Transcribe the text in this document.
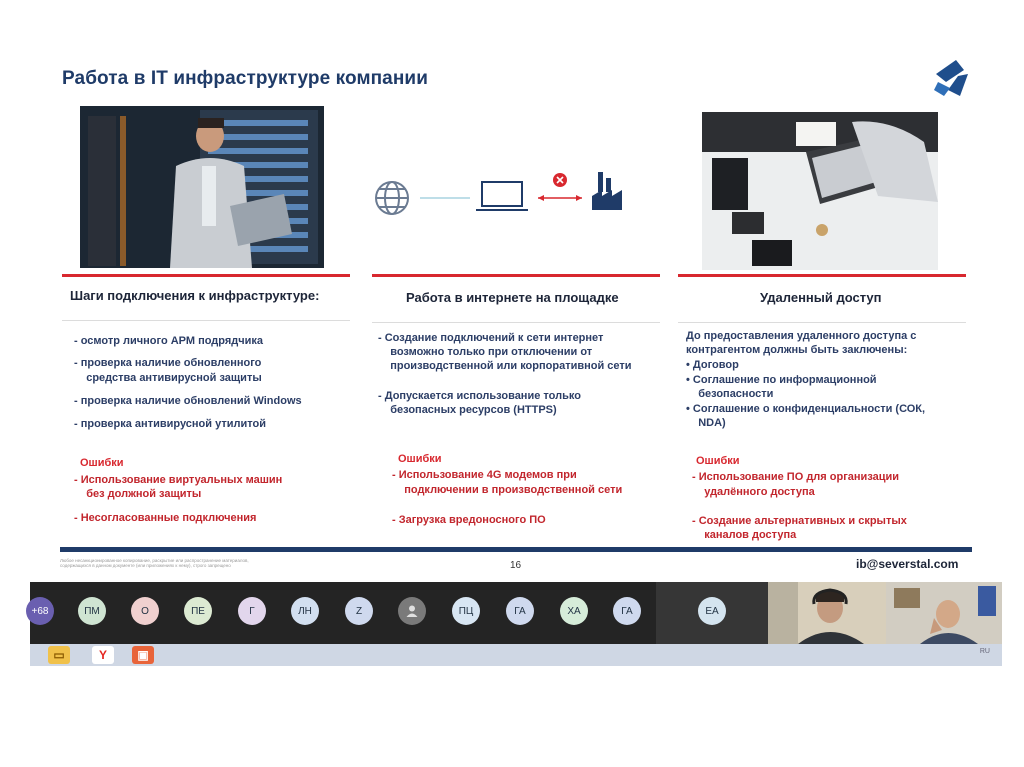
Работа в IT инфраструктуре компании
Шаги подключения к инфраструктуре:	Работа в интернете на площадке	Удаленный доступ
- осмотр личного АРМ подрядчика
- проверка наличие обновленного
средства антивирусной защиты
- проверка наличие обновлений Windows
- проверка антивирусной утилитой
Ошибки
- Использование виртуальных машин
без должной защиты
- Несогласованные подключения
- Создание подключений к сети интернет
возможно только при отключении от
производственной или корпоративной сети
- Допускается использование только
безопасных ресурсов (HTTPS)
Ошибки
- Использование 4G модемов при
подключении в производственной сети
- Загрузка вредоносного ПО
До предоставления удаленного доступа с
контрагентом должны быть заключены:
• Договор
• Соглашение по информационной
безопасности
• Соглашение о конфиденциальности (СОК,
NDA)
Ошибки
- Использование ПО для организации
удалённого доступа
- Создание альтернативных и скрытых
каналов доступа
Любое несанкционированное копирование, раскрытие или распространение материалов, содержащихся в данном документе (или приложениях к нему), строго запрещено	16	ib@severstal.com
+68	ПМ	О	ПЕ	Г	ЛН	Z	ПЦ	ГА	ХА	ГА	ЕА
▭	Y	▣	RU
